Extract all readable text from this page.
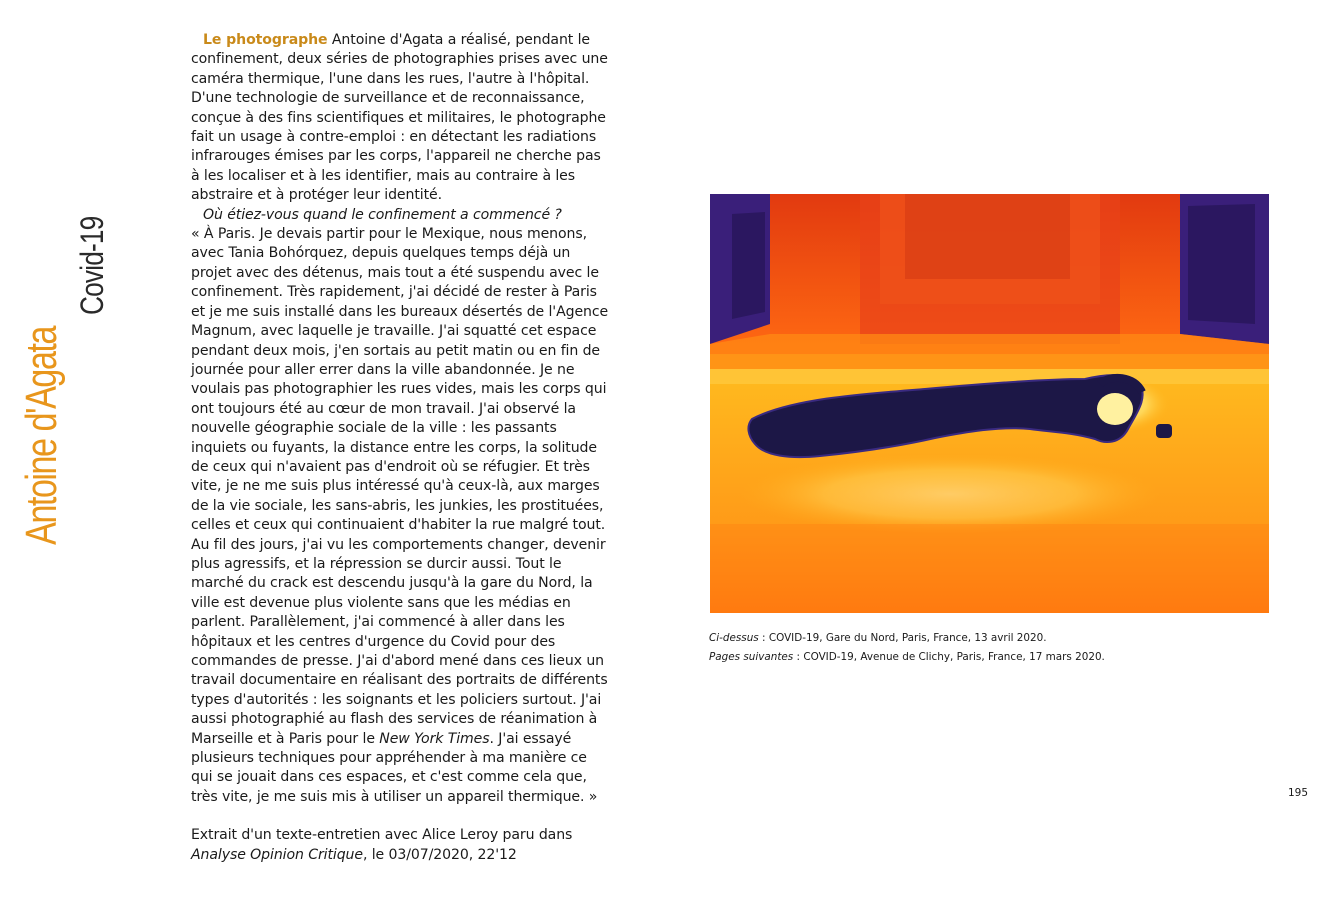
Antoine d'Agata
Covid-19

Le photographe Antoine d'Agata a réalisé, pendant le confinement, deux séries de photographies prises avec une caméra thermique, l'une dans les rues, l'autre à l'hôpital. D'une technologie de surveillance et de reconnaissance, conçue à des fins scientifiques et militaires, le photographe fait un usage à contre-emploi : en détectant les radiations infrarouges émises par les corps, l'appareil ne cherche pas à les localiser et à les identifier, mais au contraire à les abstraire et à protéger leur identité.

Où étiez-vous quand le confinement a commencé ?

« À Paris. Je devais partir pour le Mexique, nous menons, avec Tania Bohórquez, depuis quelques temps déjà un projet avec des détenus, mais tout a été suspendu avec le confinement. Très rapidement, j'ai décidé de rester à Paris et je me suis installé dans les bureaux désertés de l'Agence Magnum, avec laquelle je travaille. J'ai squatté cet espace pendant deux mois, j'en sortais au petit matin ou en fin de journée pour aller errer dans la ville abandonnée. Je ne voulais pas photographier les rues vides, mais les corps qui ont toujours été au cœur de mon travail. J'ai observé la nouvelle géographie sociale de la ville : les passants inquiets ou fuyants, la distance entre les corps, la solitude de ceux qui n'avaient pas d'endroit où se réfugier. Et très vite, je ne me suis plus intéressé qu'à ceux-là, aux marges de la vie sociale, les sans-abris, les junkies, les prostituées, celles et ceux qui continuaient d'habiter la rue malgré tout. Au fil des jours, j'ai vu les comportements changer, devenir plus agressifs, et la répression se durcir aussi. Tout le marché du crack est descendu jusqu'à la gare du Nord, la ville est devenue plus violente sans que les médias en parlent. Parallèlement, j'ai commencé à aller dans les hôpitaux et les centres d'urgence du Covid pour des commandes de presse. J'ai d'abord mené dans ces lieux un travail documentaire en réalisant des portraits de différents types d'autorités : les soignants et les policiers surtout. J'ai aussi photographié au flash des services de réanimation à Marseille et à Paris pour le New York Times. J'ai essayé plusieurs techniques pour appréhender à ma manière ce qui se jouait dans ces espaces, et c'est comme cela que, très vite, je me suis mis à utiliser un appareil thermique. »

Extrait d'un texte-entretien avec Alice Leroy paru dans
Analyse Opinion Critique, le 03/07/2020, 22'12

Ci-dessus : COVID-19, Gare du Nord, Paris, France, 13 avril 2020.
Pages suivantes : COVID-19, Avenue de Clichy, Paris, France, 17 mars 2020.
195
